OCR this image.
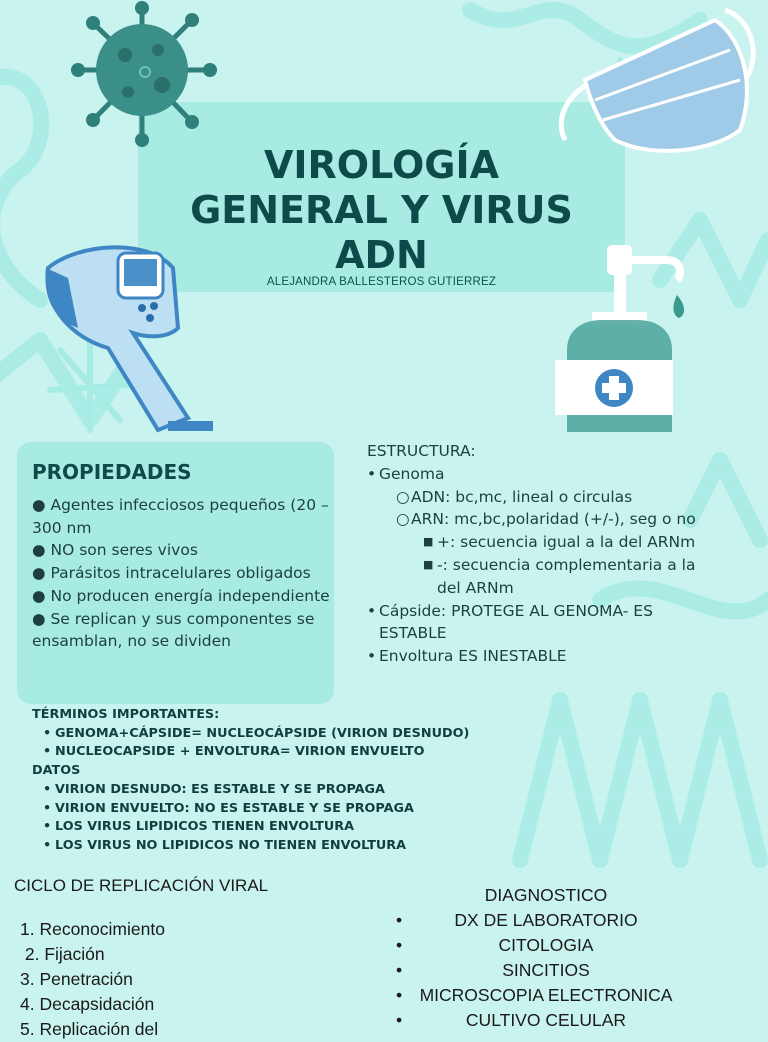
VIROLOGÍA
GENERAL Y VIRUS
ADN
ALEJANDRA BALLESTEROS GUTIERREZ
PROPIEDADES
● Agentes infecciosos pequeños (20 – 300 nm
● NO son seres vivos
● Parásitos intracelulares obligados
● No producen energía independiente
● Se replican y sus componentes se ensamblan, no se dividen
ESTRUCTURA:
• Genoma
○ ADN: bc,mc, lineal o circulas
○ ARN: mc,bc,polaridad (+/-), seg o no
■ +: secuencia igual a la del ARNm
■ -: secuencia complementaria a la
del ARNm
• Cápside: PROTEGE AL GENOMA- ES
ESTABLE
• Envoltura ES INESTABLE
TÉRMINOS IMPORTANTES:
• GENOMA+CÁPSIDE= NUCLEOCÁPSIDE (VIRION DESNUDO)
• NUCLEOCAPSIDE + ENVOLTURA= VIRION ENVUELTO
DATOS
• VIRION DESNUDO: ES ESTABLE Y SE PROPAGA
• VIRION ENVUELTO: NO ES ESTABLE Y SE PROPAGA
• LOS VIRUS LIPIDICOS TIENEN ENVOLTURA
• LOS VIRUS NO LIPIDICOS NO TIENEN ENVOLTURA
CICLO DE REPLICACIÓN VIRAL
1. Reconocimiento
2. Fijación
3. Penetración
4. Decapsidación
5. Replicación del
DIAGNOSTICO
•	DX DE LABORATORIO
•	CITOLOGIA
•	SINCITIOS
• MICROSCOPIA ELECTRONICA
•	CULTIVO CELULAR
